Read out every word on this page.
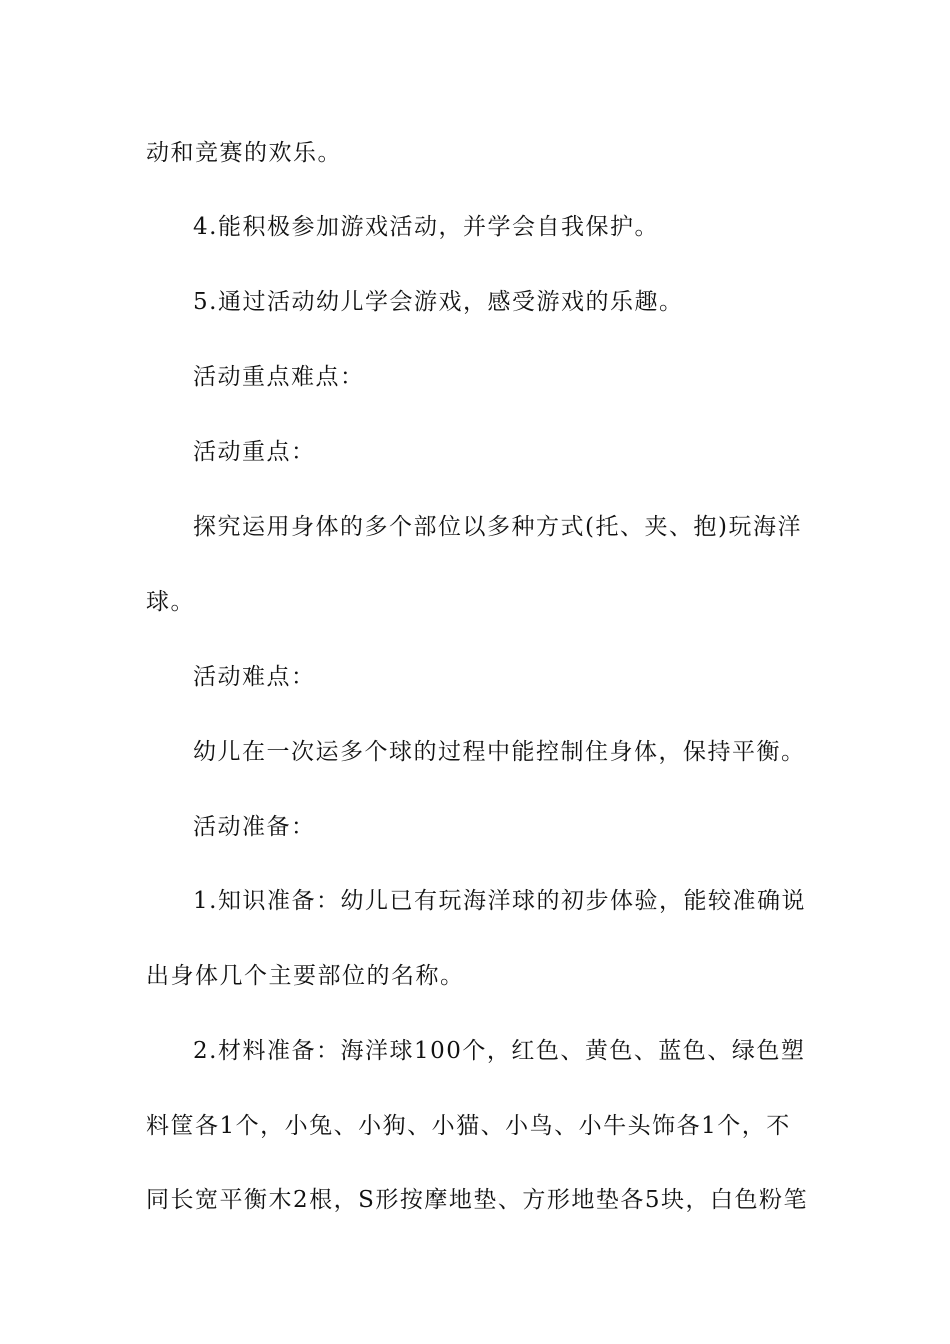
动和竞赛的欢乐。
4.能积极参加游戏活动，并学会自我保护。
5.通过活动幼儿学会游戏，感受游戏的乐趣。
活动重点难点：
活动重点：
探究运用身体的多个部位以多种方式(托、夹、抱)玩海洋
球。
活动难点：
幼儿在一次运多个球的过程中能控制住身体，保持平衡。
活动准备：
1.知识准备：幼儿已有玩海洋球的初步体验，能较准确说
出身体几个主要部位的名称。
2.材料准备：海洋球100个，红色、黄色、蓝色、绿色塑
料筐各1个，小兔、小狗、小猫、小鸟、小牛头饰各1个，不
同长宽平衡木2根，S形按摩地垫、方形地垫各5块，白色粉笔
